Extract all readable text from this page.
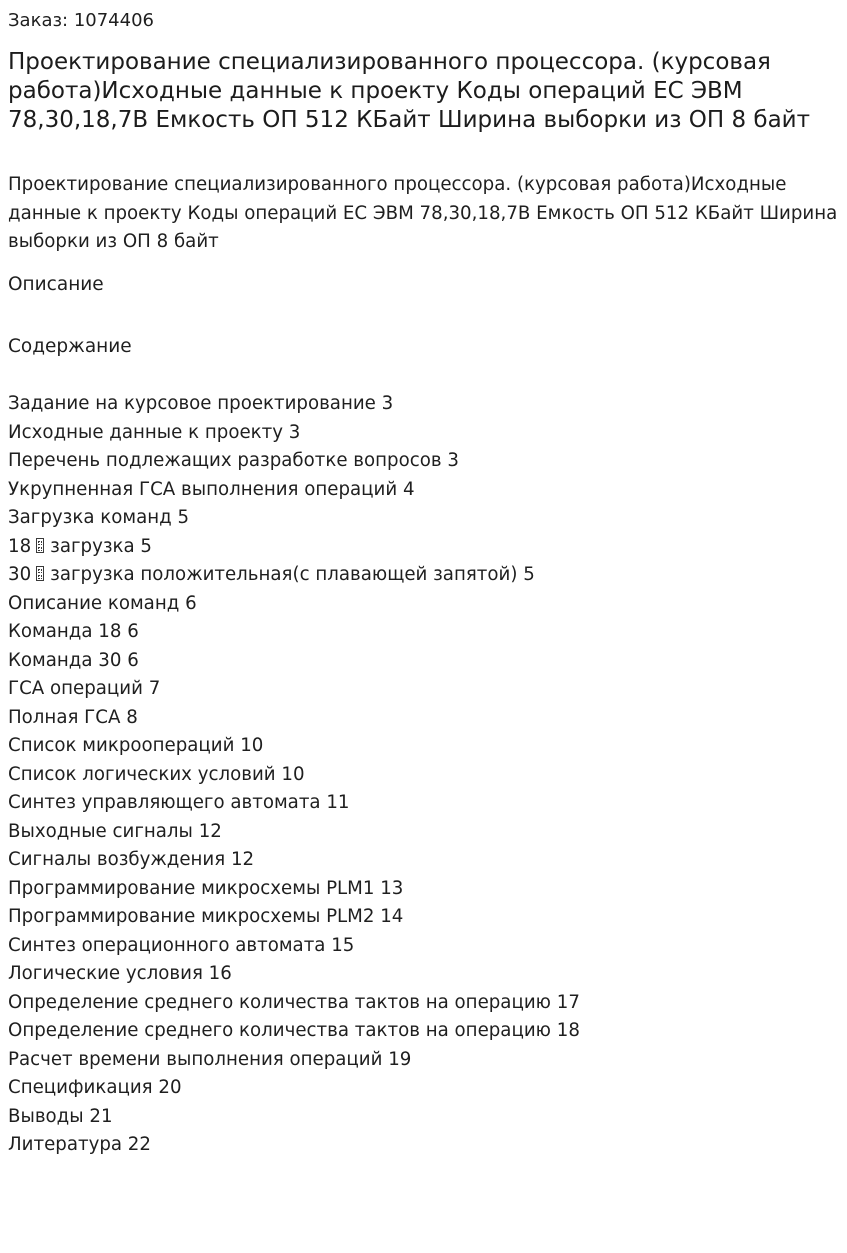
Заказ: 1074406
Проектирование специализированного процессора. (курсовая работа)Исходные данные к проекту Коды операций ЕС ЭВМ 78,30,18,7B Емкость ОП 512 КБайт Ширина выборки из ОП 8 байт

Проектирование специализированного процессора. (курсовая работа)Исходные данные к проекту Коды операций ЕС ЭВМ 78,30,18,7B Емкость ОП 512 КБайт Ширина выборки из ОП 8 байт

Описание
Содержание
Задание на курсовое проектирование 3
Исходные данные к проекту 3
Перечень подлежащих разработке вопросов 3
Укрупненная ГСА выполнения операций 4
Загрузка команд 5
18 загрузка 5
30 загрузка положительная(с плавающей запятой) 5
Описание команд 6
Команда 18 6
Команда 30 6
ГСА операций 7
Полная ГСА 8
Список микроопераций 10
Список логических условий 10
Синтез управляющего автомата 11
Выходные сигналы 12
Сигналы возбуждения 12
Программирование микросхемы PLM1 13
Программирование микросхемы PLM2 14
Синтез операционного автомата 15
Логические условия 16
Определение среднего количества тактов на операцию 17
Определение среднего количества тактов на операцию 18
Расчет времени выполнения операций 19
Спецификация 20
Выводы 21
Литература 22
